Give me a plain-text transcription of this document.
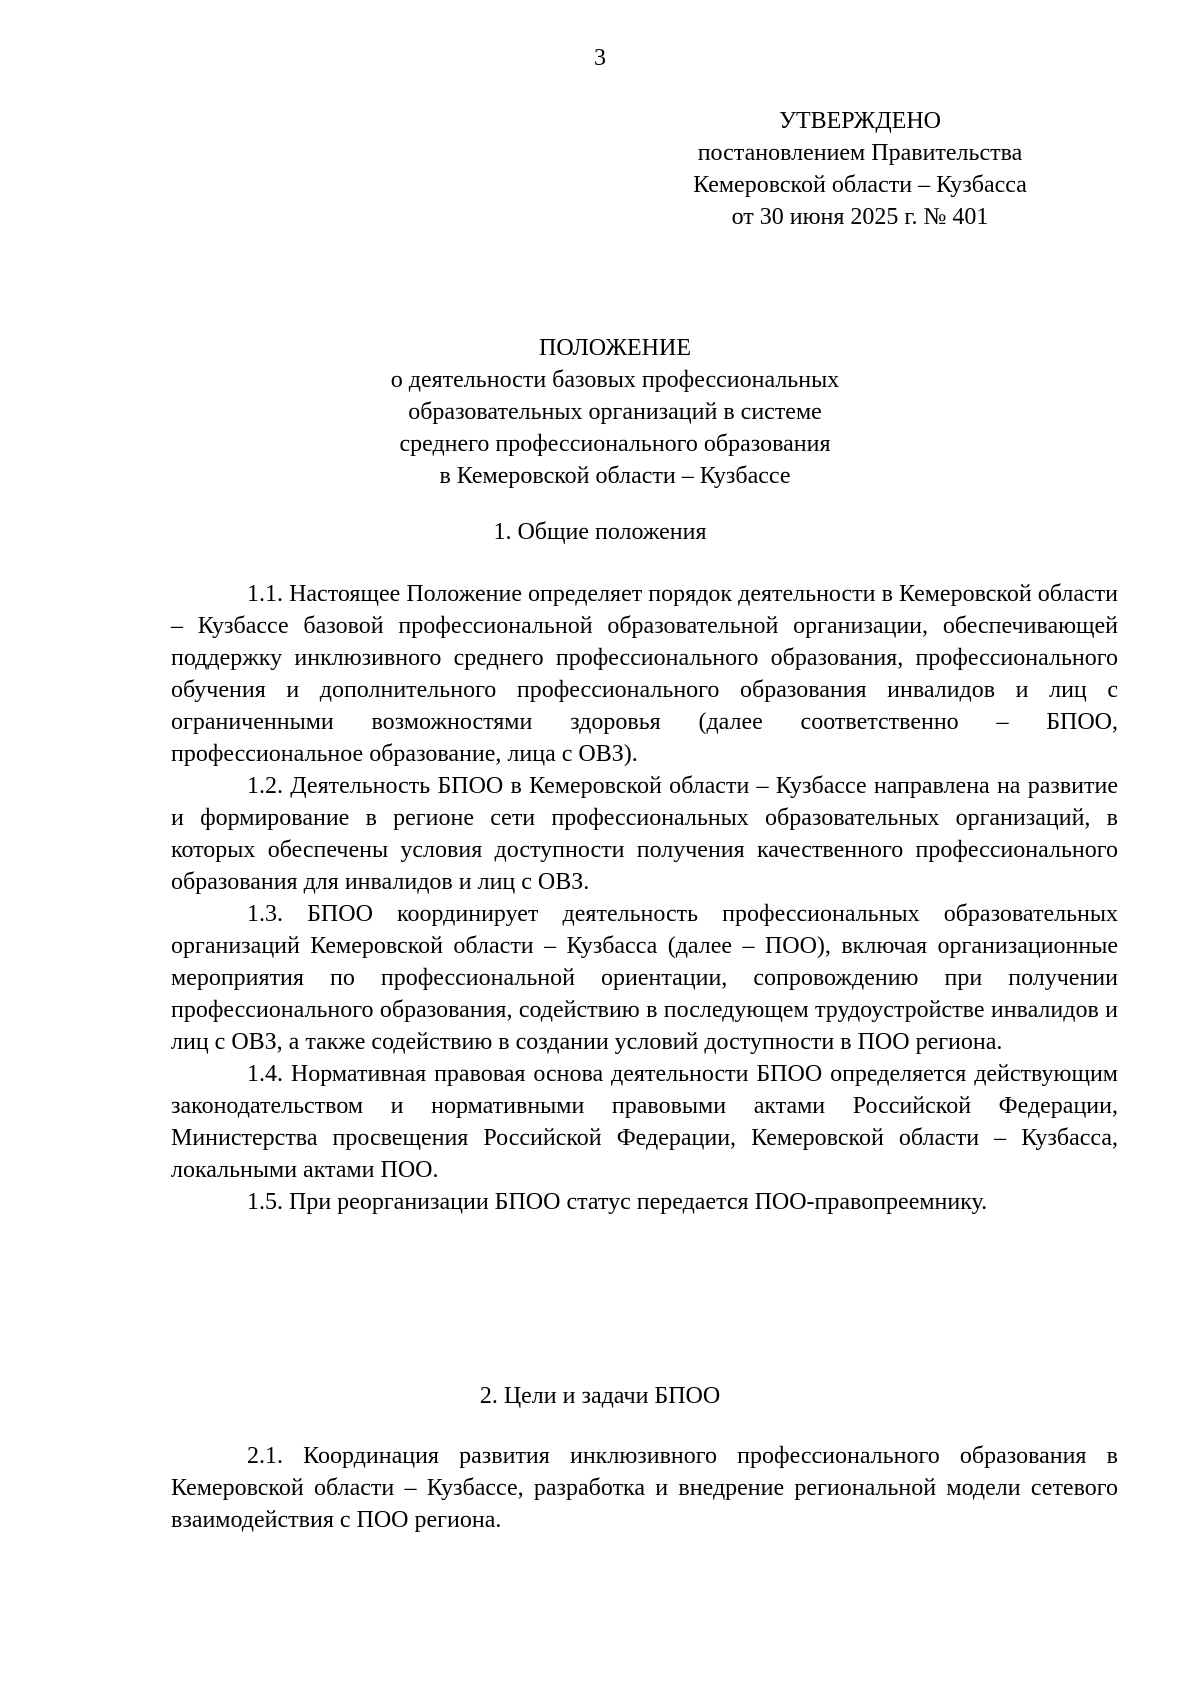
3
УТВЕРЖДЕНО
постановлением Правительства
Кемеровской области – Кузбасса
от 30 июня 2025 г. № 401
ПОЛОЖЕНИЕ
о деятельности базовых профессиональных
образовательных организаций в системе
среднего профессионального образования
в Кемеровской области – Кузбассе
1. Общие положения

1.1. Настоящее Положение определяет порядок деятельности в Кемеровской области – Кузбассе базовой профессиональной образовательной организации, обеспечивающей поддержку инклюзивного среднего профессионального образования, профессионального обучения и дополнительного профессионального образования инвалидов и лиц с ограниченными возможностями здоровья (далее соответственно – БПОО, профессиональное образование, лица с ОВЗ).

1.2. Деятельность БПОО в Кемеровской области – Кузбассе направлена на развитие и формирование в регионе сети профессиональных образовательных организаций, в которых обеспечены условия доступности получения качественного профессионального образования для инвалидов и лиц с ОВЗ.

1.3. БПОО координирует деятельность профессиональных образовательных организаций Кемеровской области – Кузбасса (далее – ПОО), включая организационные мероприятия по профессиональной ориентации, сопровождению при получении профессионального образования, содействию в последующем трудоустройстве инвалидов и лиц с ОВЗ, а также содействию в создании условий доступности в ПОО региона.

1.4. Нормативная правовая основа деятельности БПОО определяется действующим законодательством и нормативными правовыми актами Российской Федерации, Министерства просвещения Российской Федерации, Кемеровской области – Кузбасса, локальными актами ПОО.

1.5. При реорганизации БПОО статус передается ПОО-правопреемнику.

2. Цели и задачи БПОО

2.1. Координация развития инклюзивного профессионального образования в Кемеровской области – Кузбассе, разработка и внедрение региональной модели сетевого взаимодействия с ПОО региона.
